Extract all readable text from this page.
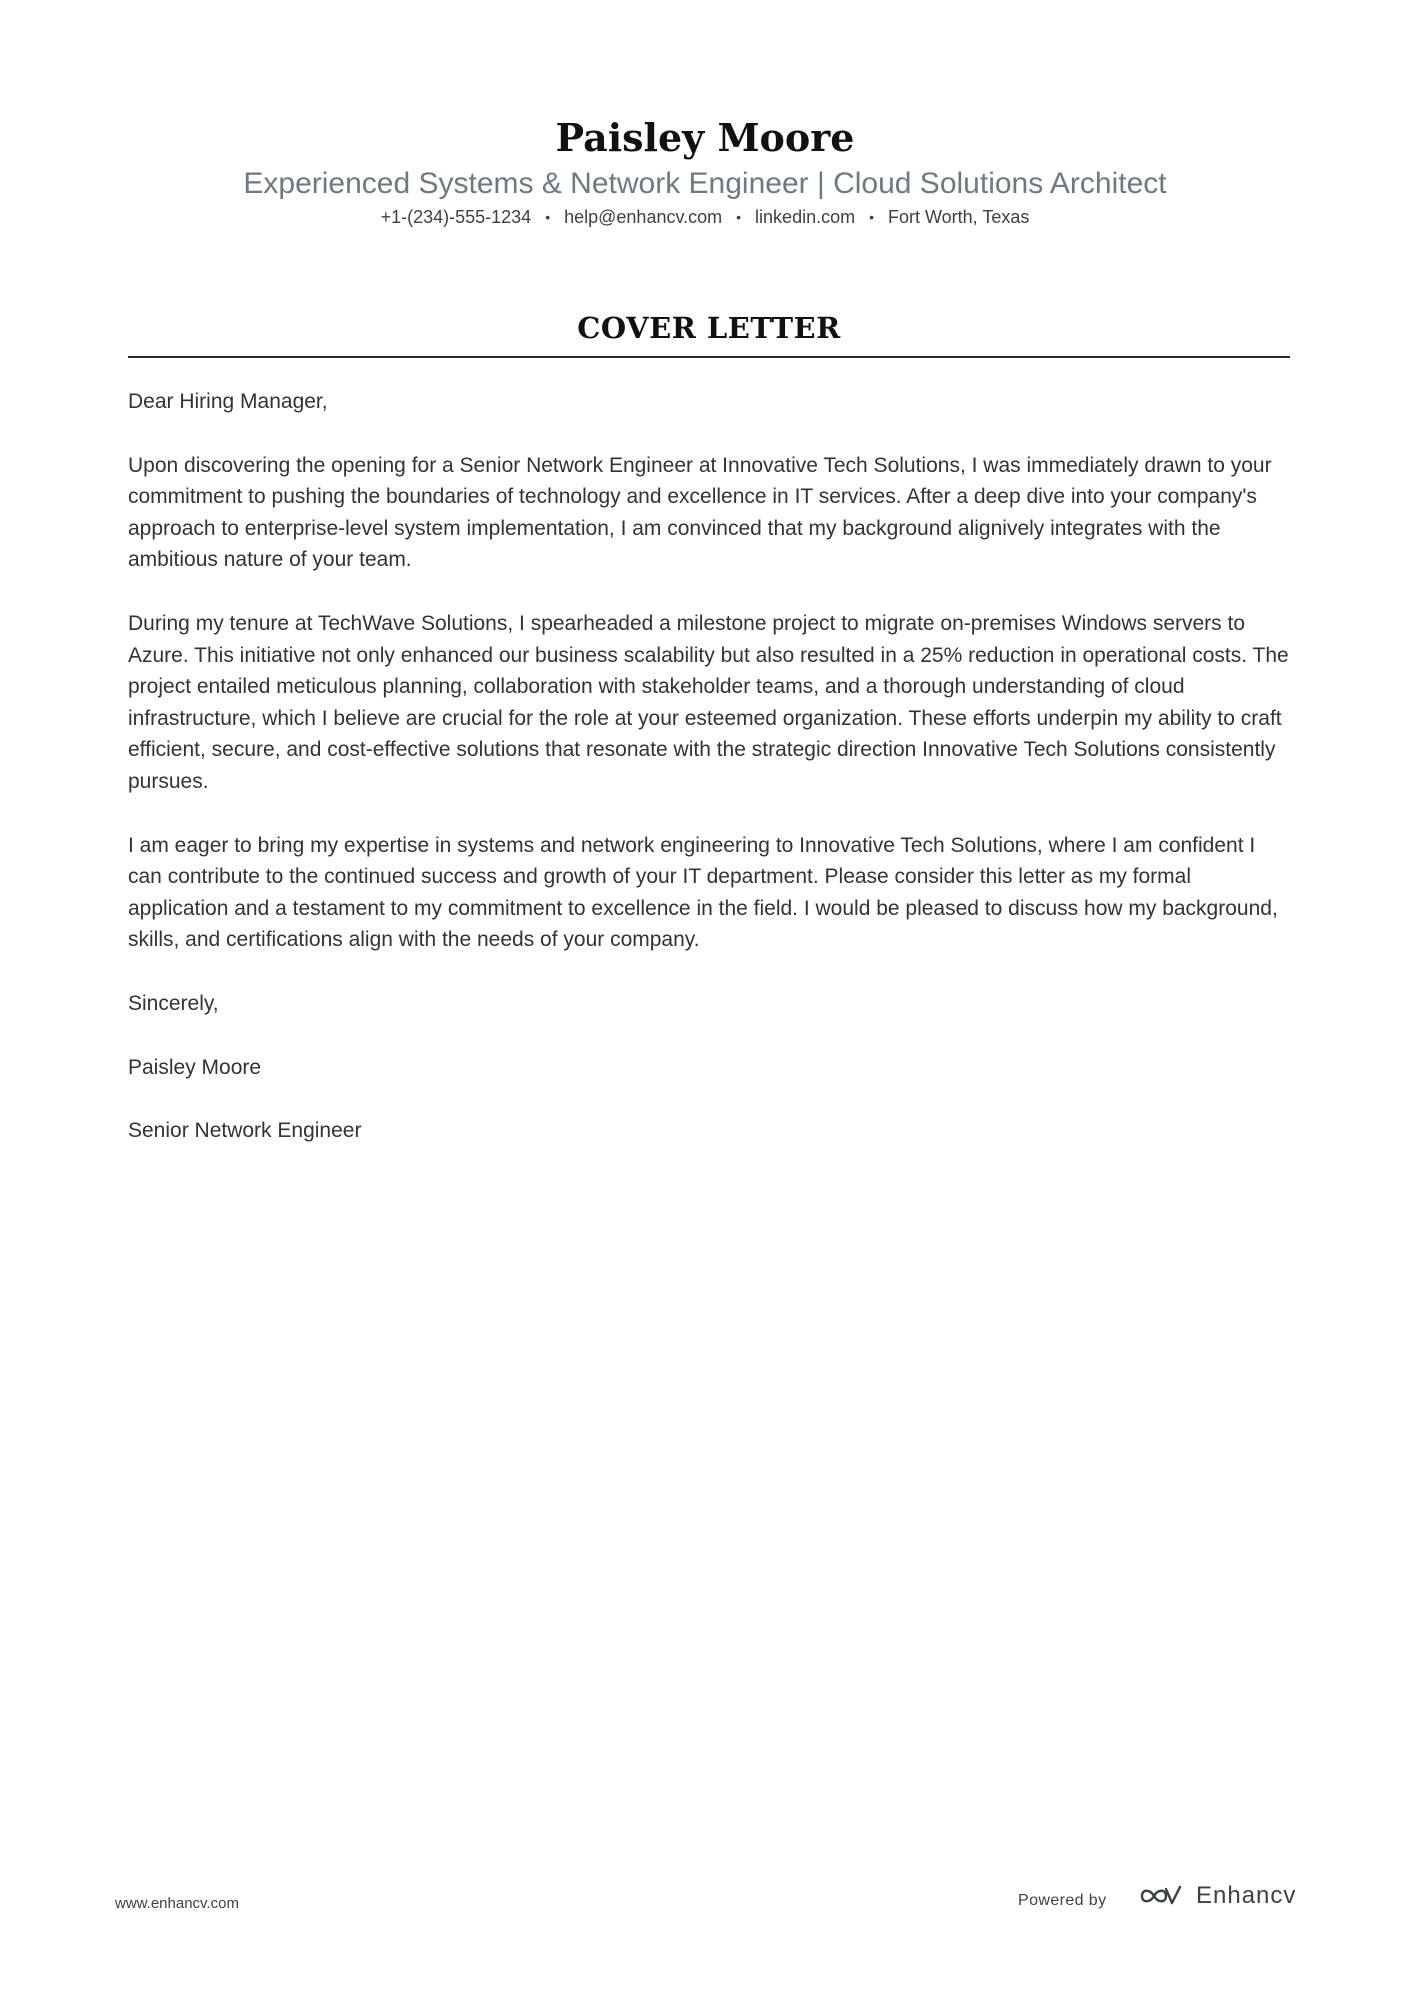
Paisley Moore

Experienced Systems & Network Engineer | Cloud Solutions Architect

+1-(234)-555-1234 • help@enhancv.com • linkedin.com • Fort Worth, Texas

COVER LETTER

Dear Hiring Manager,

Upon discovering the opening for a Senior Network Engineer at Innovative Tech Solutions, I was immediately drawn to your commitment to pushing the boundaries of technology and excellence in IT services. After a deep dive into your company's approach to enterprise-level system implementation, I am convinced that my background alignively integrates with the ambitious nature of your team.

During my tenure at TechWave Solutions, I spearheaded a milestone project to migrate on-premises Windows servers to Azure. This initiative not only enhanced our business scalability but also resulted in a 25% reduction in operational costs. The project entailed meticulous planning, collaboration with stakeholder teams, and a thorough understanding of cloud infrastructure, which I believe are crucial for the role at your esteemed organization. These efforts underpin my ability to craft efficient, secure, and cost-effective solutions that resonate with the strategic direction Innovative Tech Solutions consistently pursues.

I am eager to bring my expertise in systems and network engineering to Innovative Tech Solutions, where I am confident I can contribute to the continued success and growth of your IT department. Please consider this letter as my formal application and a testament to my commitment to excellence in the field. I would be pleased to discuss how my background, skills, and certifications align with the needs of your company.

Sincerely,

Paisley Moore

Senior Network Engineer

www.enhancv.com	Powered by	Enhancv
